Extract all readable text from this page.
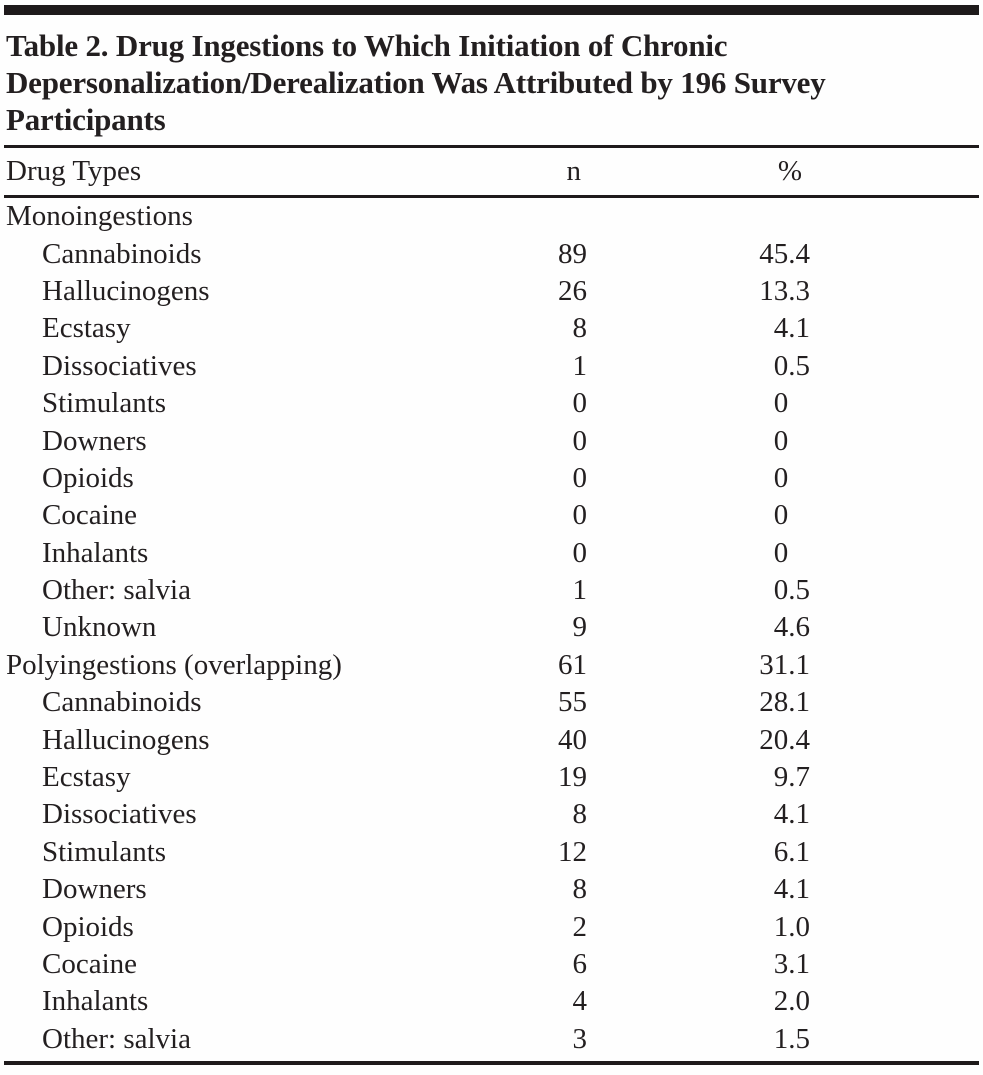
Table 2. Drug Ingestions to Which Initiation of Chronic
Depersonalization/Derealization Was Attributed by 196 Survey
Participants
Drug Types	n	%
Monoingestions
Cannabinoids	89	45.4
Hallucinogens	26	13.3
Ecstasy	8	4.1
Dissociatives	1	0.5
Stimulants	0	0
Downers	0	0
Opioids	0	0
Cocaine	0	0
Inhalants	0	0
Other: salvia	1	0.5
Unknown	9	4.6
Polyingestions (overlapping)	61	31.1
Cannabinoids	55	28.1
Hallucinogens	40	20.4
Ecstasy	19	9.7
Dissociatives	8	4.1
Stimulants	12	6.1
Downers	8	4.1
Opioids	2	1.0
Cocaine	6	3.1
Inhalants	4	2.0
Other: salvia	3	1.5
